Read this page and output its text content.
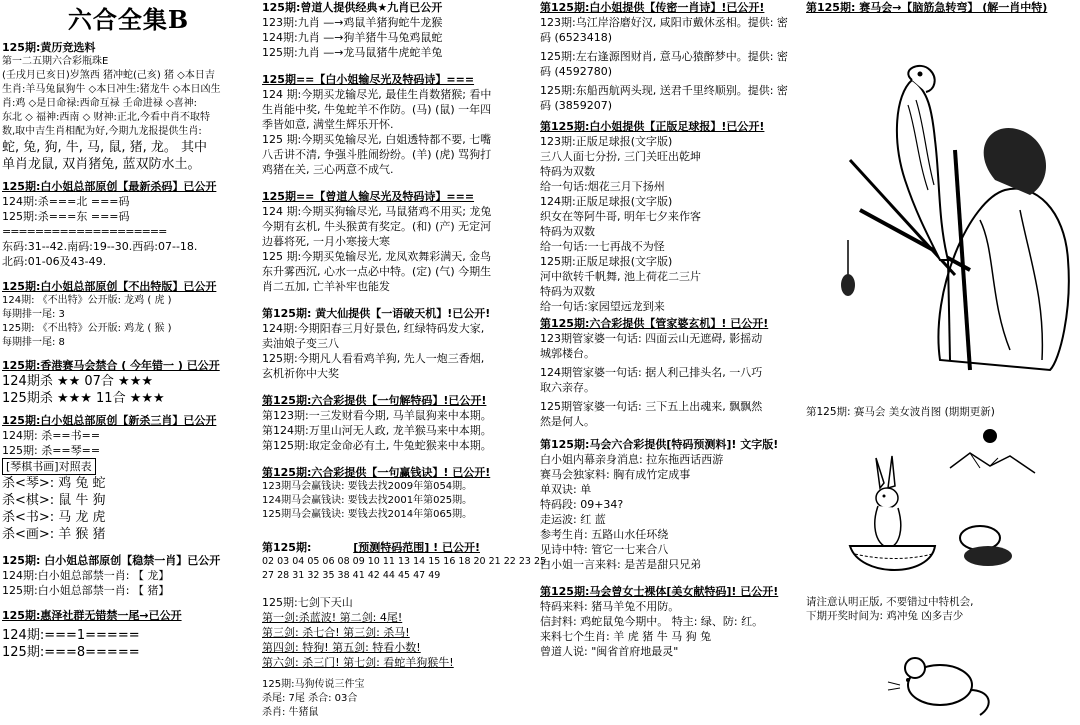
六合全集B
125期:黄历竞选料
第一二五期六合彩瓶珠E
(壬戌月已亥日)岁煞西 猪冲蛇(己亥) 猪 ◇本日吉
生肖:羊马兔鼠狗牛 ◇本日冲生:猪龙牛 ◇本日凶生
肖:鸡 ◇是日命禄:西命互禄 壬命进禄 ◇喜神:
东北 ◇ 福神:西南 ◇ 财神:正北,今看中肖不取特
数,取中吉生肖相配为好,今期九龙报提供生肖:
蛇, 兔, 狗, 牛, 马, 鼠, 猪, 龙。 其中
单肖龙鼠, 双肖猪兔, 蓝双防水土。
125期:白小姐总部原创【最新杀码】已公开
124期:杀===北 ===码
125期:杀===东 ===码
====================
东码:31--42.南码:19--30.西码:07--18.
北码:01-06及43-49.
125期:白小姐总部原创【不出特版】已公开
124期: 《不出特》公开版: 龙鸡 ( 虎 )
每期排一尾: 3
125期: 《不出特》公开版: 鸡龙 ( 猴 )
每期排一尾: 8
125期:香港赛马会禁合 ( 今年错一 ) 已公开
124期杀 ★★ 07合 ★★★
125期杀 ★★★ 11合 ★★★
125期:白小姐总部原创【新杀三肖】已公开
124期: 杀==书==
125期: 杀==琴==
[琴棋书画]对照表
杀<琴>: 鸡 兔 蛇
杀<棋>: 鼠 牛 狗
杀<书>: 马 龙 虎
杀<画>: 羊 猴 猪
125期: 白小姐总部原创【稳禁一肖】已公开
124期:白小姐总部禁一肖: 【 龙】
125期:白小姐总部禁一肖: 【 猪】
125期:惠泽社群无错禁一尾→已公开
124期:===1=====
125期:===8=====
125期:曾道人提供经典★九肖已公开
123期:九肖 —→鸡鼠羊猪狗蛇牛龙猴
124期:九肖 —→狗羊猪牛马兔鸡鼠蛇
125期:九肖 —→龙马鼠猪牛虎蛇羊兔
125期==【白小姐输尽光及特码诗】===
124 期:今期买龙输尽光, 最佳生肖数猪猴; 看中
生肖能中奖, 牛兔蛇羊不作防。(马) (鼠) 一年四
季皆如意, 满堂生辉乐开怀.
125 期:今期买兔输尽光, 白姐透特都不要, 七嘴
八舌讲不清, 争强斗胜闹纷纷。(羊) (虎) 骂狗打
鸡猪在关, 三心两意不成气.
125期==【曾道人输尽光及特码诗】===
124 期:今期买狗输尽光, 马鼠猪鸡不用买; 龙兔
今期有玄机, 牛头猴黄有奖定。(和) (产) 无定河
边暮将死, 一月小寒接大寒
125 期:今期买兔输尽光, 龙凤欢舞彩满天, 金鸟
东升雾西沉, 心水一点必中特。(定) (气) 今期生
肖二五加, 亡羊补牢也能发
第125期: 黄大仙提供【一语破天机】!已公开!
124期:今期阳春三月好景色, 红绿特码发大家,
卖油娘子变三八
125期:今期凡人看看鸡羊狗, 先人一炮三香烟,
玄机祈你中大奖
第125期:六合彩提供【一句解特码】!已公开!
第123期:一三发财看今期, 马羊鼠狗来中本期。
第124期:万里山河无人政, 龙羊猴马来中本期。
第125期:取定金命必有土, 牛兔蛇猴来中本期。
第125期:六合彩提供【一句赢钱诀】! 已公开!
123期马会赢钱诀: 要钱去找2009年第054期。
124期马会赢钱诀: 要钱去找2001年第025期。
125期马会赢钱诀: 要钱去找2014年第065期。
第125期:	[预测特码范围] ! 已公开!
02 03 04 05 06 08 09 10 11 13 14 15 16 18 20 21 22 23 25
27 28 31 32 35 38 41 42 44 45 47 49
125期:七剑下天山
第一剑:杀蓝波! 第二剑: 4尾!
第三剑: 杀七合! 第三剑: 杀马!
第四剑: 特狗! 第五剑: 特看小数!
第六剑: 杀三门! 第七剑: 看蛇羊狗猴牛!
125期:马狗传说三件宝
杀尾: 7尾 杀合: 03合
杀肖: 牛猪鼠
第125期:白小姐提供【传密一肖诗】!已公开!
123期:乌江岸浴磨好汉, 咸阳市戴休丞相。提供: 密
码 (6523418)
125期:左右逢源图财肖, 意马心猿醉梦中。提供: 密
码 (4592780)
125期:东船西航两头现, 送君千里终顺别。提供: 密
码 (3859207)
第125期:白小姐提供【正版足球报】!已公开!
123期:正版足球报(文字版)
三八人面七分扮, 三门关旺出乾坤
特码为双数
给一句话:烟花三月下扬州
124期:正版足球报(文字版)
织女在等阿牛哥, 明年七夕来作客
特码为双数
给一句话:一七再战不为怪
125期:正版足球报(文字版)
河中欲转千帆舞, 池上荷花二三片
特码为双数
给一句话:家园望远龙到来
第125期:六合彩提供【管家婆玄机】! 已公开!
123期管家婆一句话: 四面云山无遮碍, 影摇动
城郭楼台。
124期管家婆一句话: 据人利己排头名, 一八巧
取六亲存。
125期管家婆一句话: 三下五上出魂来, 飘飘然
然是何人。
第125期:马会六合彩提供[特码预测料]! 文字版!
白小姐内幕亲身消息: 拉东拖西话西游
赛马会独家料: 胸有成竹定成事
单双诀: 单
特码段: 09+34?
走运波: 红 蓝
参考生肖: 五路山水任环绕
见诗中特: 管它一七来合八
白小姐一言来料: 是苦是甜只兄弟
第125期:马会曾女士裸体[美女献特码]! 已公开!
特码来料: 猪马羊兔不用防。
信封料: 鸡蛇鼠兔今期中。 特主: 绿、防: 红。
来料七个生肖: 羊 虎 猪 牛 马 狗 兔
曾道人说: "闽省首府地最灵"
第125期: 赛马会→【脑筋急转弯】 (解一肖中特)
第125期: 赛马会 美女波肖图 (期期更新)
请注意认明正版, 不要错过中特机会,
下期开奖时间为: 鸡冲兔 凶多吉少
